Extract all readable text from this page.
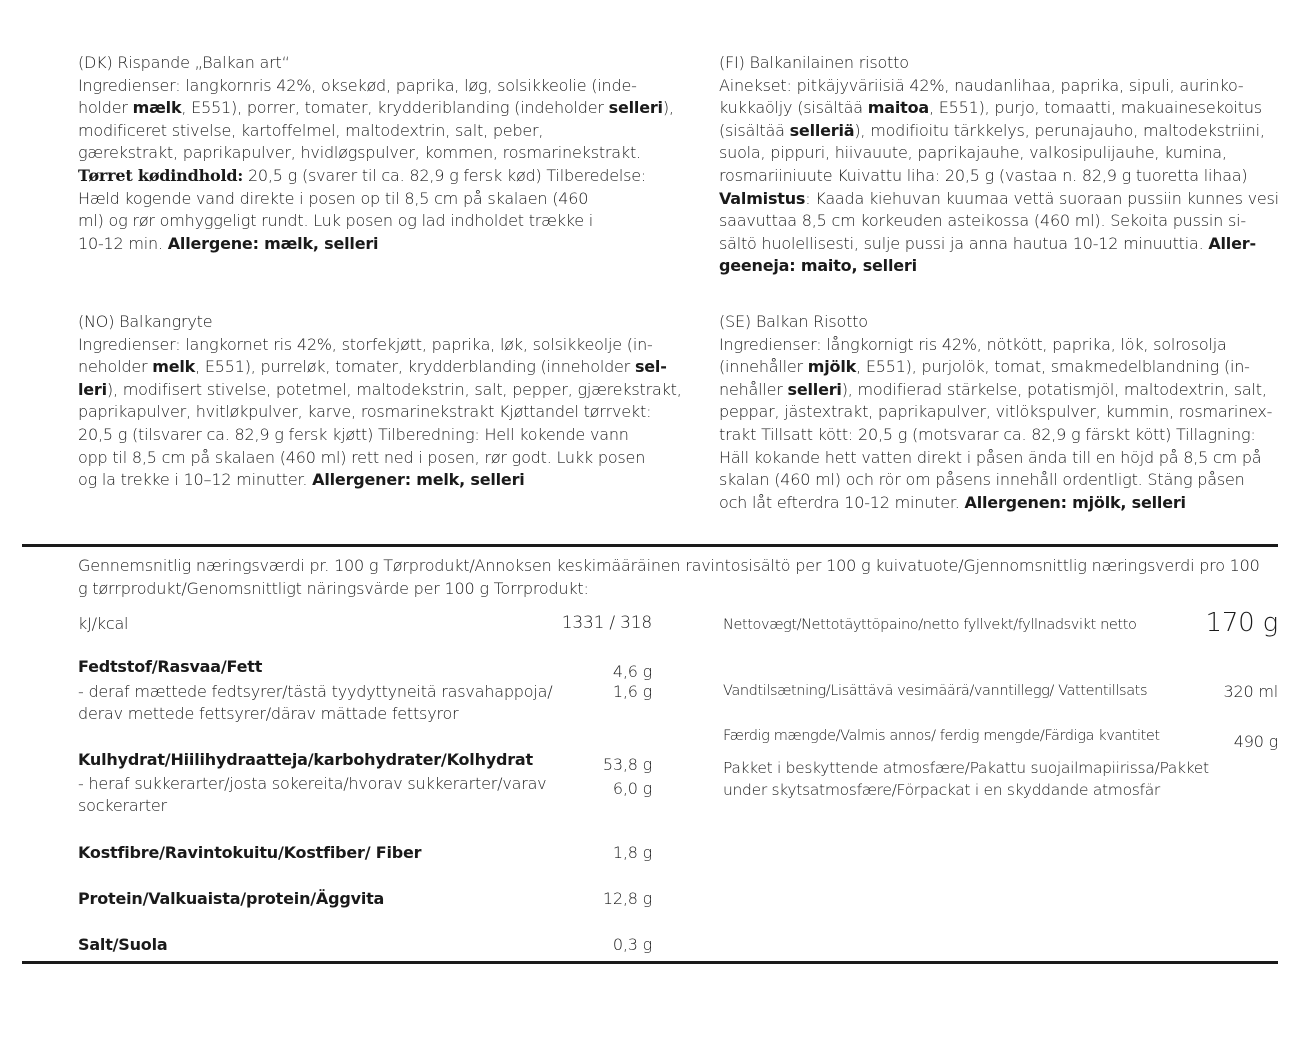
(DK) Rispande „Balkan art“
Ingredienser: langkornris 42%, oksekød, paprika, løg, solsikkeolie (inde-
holder mælk, E551), porrer, tomater, krydderiblanding (indeholder selleri),
modificeret stivelse, kartoffelmel, maltodextrin, salt, peber,
gærekstrakt, paprikapulver, hvidløgspulver, kommen, rosmarinekstrakt.
Tørret kødindhold: 20,5 g (svarer til ca. 82,9 g fersk kød) Tilberedelse:
Hæld kogende vand direkte i posen op til 8,5 cm på skalaen (460
ml) og rør omhyggeligt rundt. Luk posen og lad indholdet trække i
10-12 min. Allergene: mælk, selleri
(FI) Balkanilainen risotto
Ainekset: pitkäjyväriisiä 42%, naudanlihaa, paprika, sipuli, aurinko-
kukkaöljy (sisältää maitoa, E551), purjo, tomaatti, makuainesekoitus
(sisältää selleriä), modifioitu tärkkelys, perunajauho, maltodekstriini,
suola, pippuri, hiivauute, paprikajauhe, valkosipulijauhe, kumina,
rosmariiniuute Kuivattu liha: 20,5 g (vastaa n. 82,9 g tuoretta lihaa)
Valmistus: Kaada kiehuvan kuumaa vettä suoraan pussiin kunnes vesi
saavuttaa 8,5 cm korkeuden asteikossa (460 ml). Sekoita pussin si-
sältö huolellisesti, sulje pussi ja anna hautua 10-12 minuuttia. Aller-
geeneja: maito, selleri
(NO) Balkangryte
Ingredienser: langkornet ris 42%, storfekjøtt, paprika, løk, solsikkeolje (in-
neholder melk, E551), purreløk, tomater, krydderblanding (inneholder sel-
leri), modifisert stivelse, potetmel, maltodekstrin, salt, pepper, gjærekstrakt,
paprikapulver, hvitløkpulver, karve, rosmarinekstrakt Kjøttandel tørrvekt:
20,5 g (tilsvarer ca. 82,9 g fersk kjøtt) Tilberedning: Hell kokende vann
opp til 8,5 cm på skalaen (460 ml) rett ned i posen, rør godt. Lukk posen
og la trekke i 10–12 minutter. Allergener: melk, selleri
(SE) Balkan Risotto
Ingredienser: långkornigt ris 42%, nötkött, paprika, lök, solrosolja
(innehåller mjölk, E551), purjolök, tomat, smakmedelblandning (in-
nehåller selleri), modifierad stärkelse, potatismjöl, maltodextrin, salt,
peppar, jästextrakt, paprikapulver, vitlökspulver, kummin, rosmarinex-
trakt Tillsatt kött: 20,5 g (motsvarar ca. 82,9 g färskt kött) Tillagning:
Häll kokande hett vatten direkt i påsen ända till en höjd på 8,5 cm på
skalan (460 ml) och rör om påsens innehåll ordentligt. Stäng påsen
och låt efterdra 10-12 minuter. Allergenen: mjölk, selleri
Gennemsnitlig næringsværdi pr. 100 g Tørprodukt/Annoksen keskimääräinen ravintosisältö per 100 g kuivatuote/Gjennomsnittlig næringsverdi pro 100 g tørrprodukt/Genomsnittligt näringsvärde per 100 g Torrprodukt:
kJ/kcal	1331 / 318
Fedtstof/Rasvaa/Fett	4,6 g
- deraf mættede fedtsyrer/tästä tyydyttyneitä rasvahappoja/	1,6 g
derav mettede fettsyrer/därav mättade fettsyror
Kulhydrat/Hiilihydraatteja/karbohydrater/Kolhydrat	53,8 g
- heraf sukkerarter/josta sokereita/hvorav sukkerarter/varav	6,0 g
sockerarter
Kostfibre/Ravintokuitu/Kostfiber/ Fiber	1,8 g
Protein/Valkuaista/protein/Äggvita	12,8 g
Salt/Suola	0,3 g
Nettovægt/Nettotäyttöpaino/netto fyllvekt/fyllnadsvikt netto	170 g
Vandtilsætning/Lisättävä vesimäärä/vanntillegg/ Vattentillsats	320 ml
Færdig mængde/Valmis annos/ ferdig mengde/Färdiga kvantitet	490 g
Pakket i beskyttende atmosfære/Pakattu suojailmapiirissa/Pakket
under skytsatmosfære/Förpackat i en skyddande atmosfär
